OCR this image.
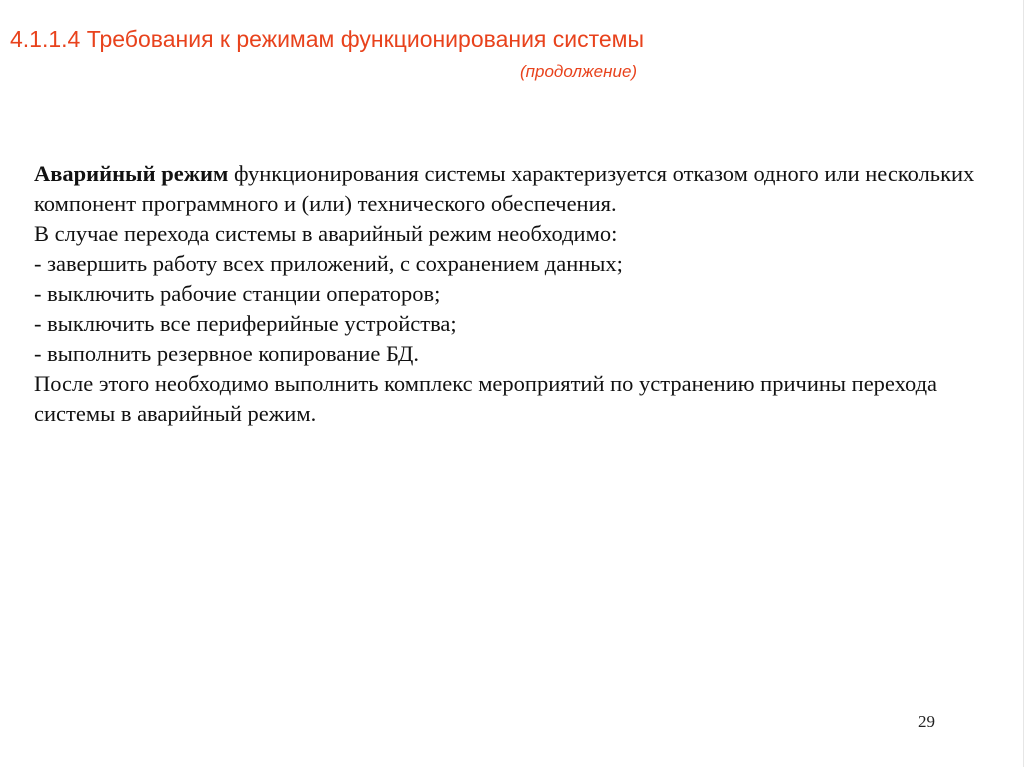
4.1.1.4 Требования к режимам функционирования системы
(продолжение)

Аварийный режим функционирования системы характеризуется отказом одного или нескольких компонент программного и (или) технического обеспечения.

В случае перехода системы в аварийный режим необходимо:

- завершить работу всех приложений, с сохранением данных;

- выключить рабочие станции операторов;

- выключить все периферийные устройства;

- выполнить резервное копирование БД.

После этого необходимо выполнить комплекс мероприятий по устранению причины перехода системы в аварийный режим.

29
